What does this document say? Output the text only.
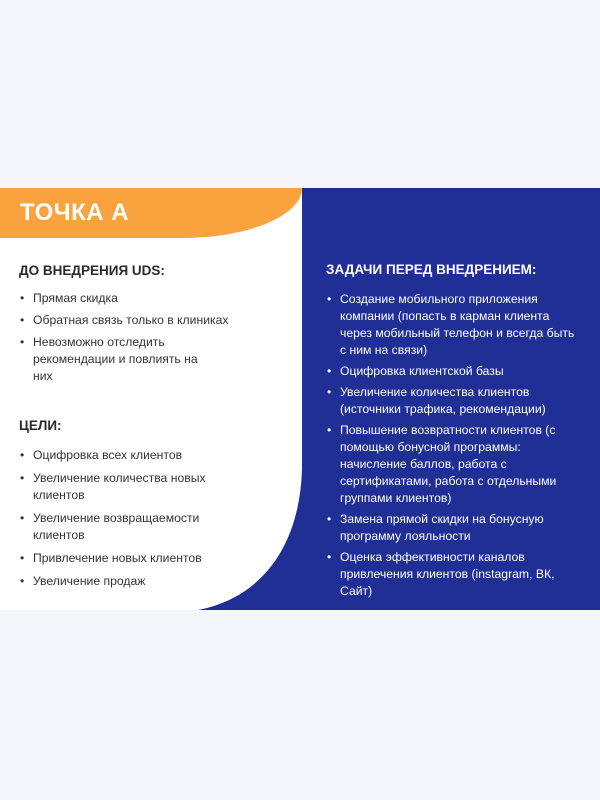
ТОЧКА А
ДО ВНЕДРЕНИЯ UDS:
• Прямая скидка
• Обратная связь только в клиниках
• Невозможно отследить рекомендации и повлиять на них
ЦЕЛИ:
• Оцифровка всех клиентов
• Увеличение количества новых клиентов
• Увеличение возвращаемости клиентов
• Привлечение новых клиентов
• Увеличение продаж
ЗАДАЧИ ПЕРЕД ВНЕДРЕНИЕМ:
• Создание мобильного приложения компании (попасть в карман клиента через мобильный телефон и всегда быть с ним на связи)
• Оцифровка клиентской базы
• Увеличение количества клиентов (источники трафика, рекомендации)
• Повышение возвратности клиентов (с помощью бонусной программы: начисление баллов, работа с сертификатами, работа с отдельными группами клиентов)
• Замена прямой скидки на бонусную программу лояльности
• Оценка эффективности каналов привлечения клиентов (instagram, ВК, Сайт)
